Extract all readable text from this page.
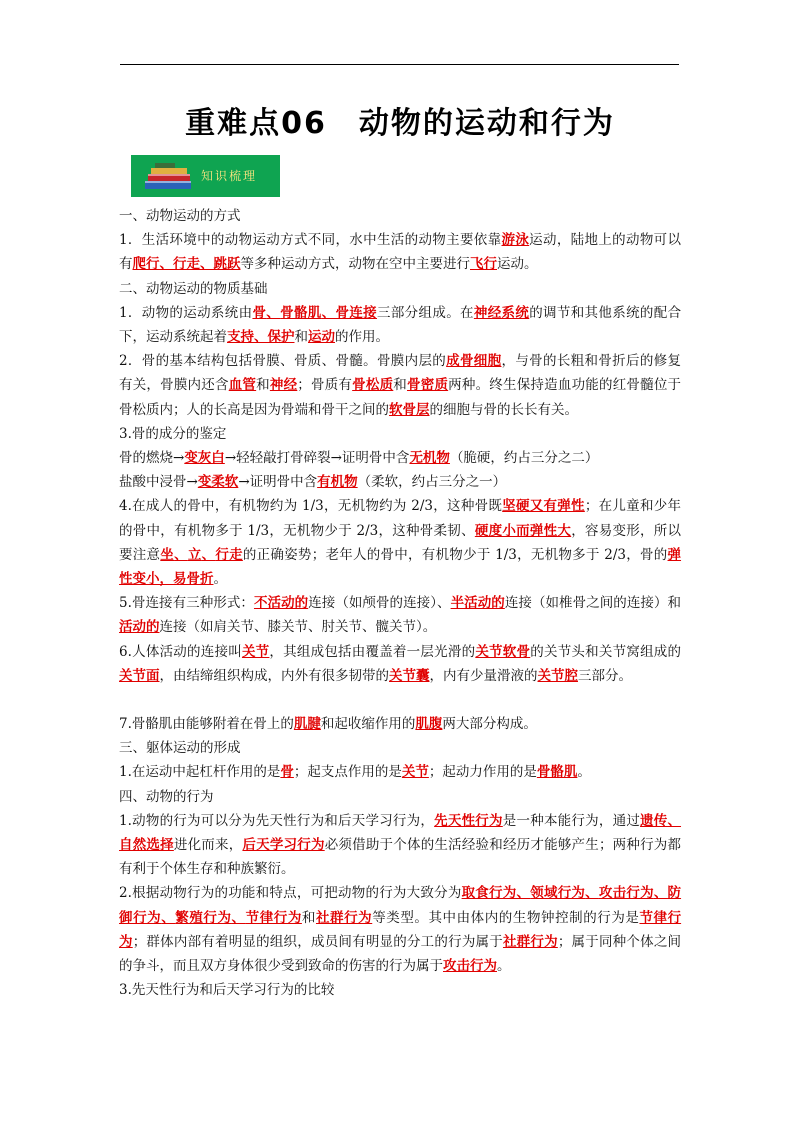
重难点06　动物的运动和行为
知识梳理

一、动物运动的方式

1．生活环境中的动物运动方式不同，水中生活的动物主要依靠游泳运动，陆地上的动物可以有爬行、行走、跳跃等多种运动方式，动物在空中主要进行飞行运动。

二、动物运动的物质基础

1．动物的运动系统由骨、骨骼肌、骨连接三部分组成。在神经系统的调节和其他系统的配合下，运动系统起着支持、保护和运动的作用。

2．骨的基本结构包括骨膜、骨质、骨髓。骨膜内层的成骨细胞，与骨的长粗和骨折后的修复有关，骨膜内还含血管和神经；骨质有骨松质和骨密质两种。终生保持造血功能的红骨髓位于骨松质内；人的长高是因为骨端和骨干之间的软骨层的细胞与骨的长长有关。

3.骨的成分的鉴定

骨的燃烧→变灰白→轻轻敲打骨碎裂→证明骨中含无机物（脆硬，约占三分之二）

盐酸中浸骨→变柔软→证明骨中含有机物（柔软，约占三分之一）

4.在成人的骨中，有机物约为 1/3，无机物约为 2/3，这种骨既坚硬又有弹性；在儿童和少年的骨中，有机物多于 1/3，无机物少于 2/3，这种骨柔韧、硬度小而弹性大，容易变形，所以要注意坐、立、行走的正确姿势；老年人的骨中，有机物少于 1/3，无机物多于 2/3，骨的弹性变小，易骨折。

5.骨连接有三种形式：不活动的连接（如颅骨的连接）、半活动的连接（如椎骨之间的连接）和活动的连接（如肩关节、膝关节、肘关节、髋关节）。

6.人体活动的连接叫关节，其组成包括由覆盖着一层光滑的关节软骨的关节头和关节窝组成的关节面，由结缔组织构成，内外有很多韧带的关节囊，内有少量滑液的关节腔三部分。

7.骨骼肌由能够附着在骨上的肌腱和起收缩作用的肌腹两大部分构成。

三、躯体运动的形成

1.在运动中起杠杆作用的是骨；起支点作用的是关节；起动力作用的是骨骼肌。

四、动物的行为

1.动物的行为可以分为先天性行为和后天学习行为，先天性行为是一种本能行为，通过遗传、自然选择进化而来，后天学习行为必须借助于个体的生活经验和经历才能够产生；两种行为都有利于个体生存和种族繁衍。

2.根据动物行为的功能和特点，可把动物的行为大致分为取食行为、领域行为、攻击行为、防御行为、繁殖行为、节律行为和社群行为等类型。其中由体内的生物钟控制的行为是节律行为；群体内部有着明显的组织，成员间有明显的分工的行为属于社群行为；属于同种个体之间的争斗，而且双方身体很少受到致命的伤害的行为属于攻击行为。

3.先天性行为和后天学习行为的比较
